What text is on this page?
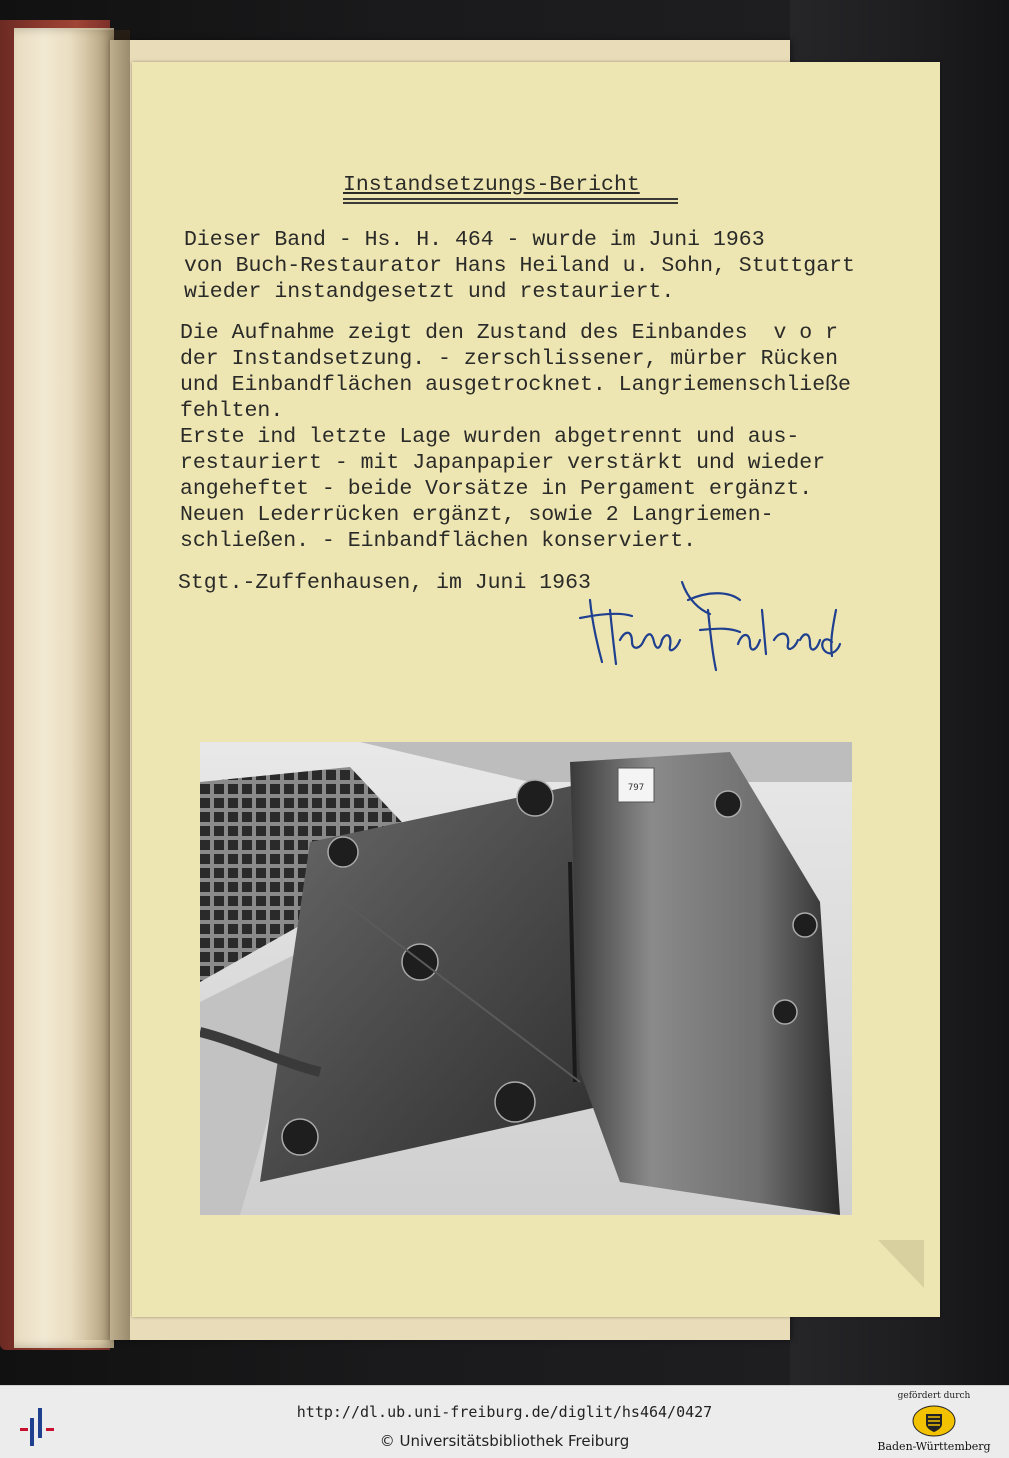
Instandsetzungs-Bericht
Dieser Band - Hs. H. 464 - wurde im Juni 1963
von Buch-Restaurator Hans Heiland u. Sohn, Stuttgart
wieder instandgesetzt und restauriert.
Die Aufnahme zeigt den Zustand des Einbandes  v o r
der Instandsetzung. - zerschlissener, mürber Rücken
und Einbandflächen ausgetrocknet. Langriemenschließe
fehlten.
Erste ind letzte Lage wurden abgetrennt und aus-
restauriert - mit Japanpapier verstärkt und wieder
angeheftet - beide Vorsätze in Pergament ergänzt.
Neuen Lederrücken ergänzt, sowie 2 Langriemen-
schließen. - Einbandflächen konserviert.
Stgt.-Zuffenhausen, im Juni 1963
797
http://dl.ub.uni-freiburg.de/diglit/hs464/0427
© Universitätsbibliothek Freiburg
gefördert durch
Baden-Württemberg
